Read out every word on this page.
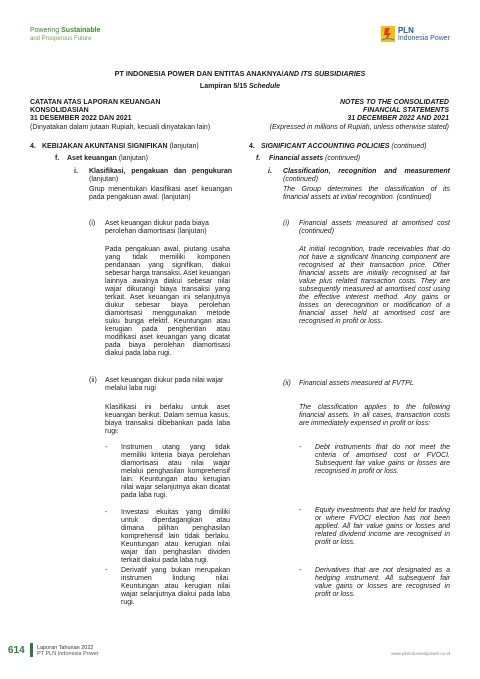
Powering Sustainable
and Prosperous Future
PLN
Indonesia Power
PT INDONESIA POWER DAN ENTITAS ANAKNYA/AND ITS SUBSIDIARIES
Lampiran 5/15 Schedule
CATATAN ATAS LAPORAN KEUANGAN
KONSOLIDASIAN
31 DESEMBER 2022 DAN 2021
(Dinyatakan dalam jutaan Rupiah, kecuali dinyatakan lain)
NOTES TO THE CONSOLIDATED
FINANCIAL STATEMENTS
31 DECEMBER 2022 AND 2021
(Expressed in millions of Rupiah, unless otherwise stated)
4. KEBIJAKAN AKUNTANSI SIGNIFIKAN (lanjutan)	4. SIGNIFICANT ACCOUNTING POLICIES (continued)
f. Aset keuangan (lanjutan)	f. Financial assets (continued)
i. Klasifikasi, pengakuan dan pengukuran (lanjutan)
i. Classification, recognition and measurement (continued)
Grup menentukan klasifikasi aset keuangan pada pengakuan awal. (lanjutan)
The Group determines the classification of its financial assets at initial recognition. (continued)
(i) Aset keuangan diukur pada biaya perolehan diamortisasi (lanjutan)
(i) Financial assets measured at amortised cost (continued)
Pada pengakuan awal, piutang usaha yang tidak memiliki komponen pendanaan yang signifikan, diakui sebesar harga transaksi. Aset keuangan lainnya awalnya diakui sebesar nilai wajar dikurangi biaya transaksi yang terkait. Aset keuangan ini selanjutnya diukur sebesar biaya perolehan diamortisasi menggunakan metode suku bunga efektif. Keuntungan atau kerugian pada penghentian atau modifikasi aset keuangan yang dicatat pada biaya perolehan diamortisasi diakui pada laba rugi.
At initial recognition, trade receivables that do not have a significant financing component are recognised at their transaction price. Other financial assets are initially recognised at fair value plus related transaction costs. They are subsequently measured at amortised cost using the effective interest method. Any gains or losses on derecognition or modification of a financial asset held at amortised cost are recognised in profit or loss.
(ii) Aset keuangan diukur pada nilai wajar melalui laba rugi
(ii) Financial assets measured at FVTPL
Klasifikasi ini berlaku untuk aset keuangan berikut. Dalam semua kasus, biaya transaksi dibebankan pada laba rugi:
The classification applies to the following financial assets. In all cases, transaction costs are immediately expensed in profit or loss:
- Instrumen utang yang tidak memiliki kriteria biaya perolehan diamortisasi atau nilai wajar melalui penghasilan komprehensif lain. Keuntungan atau kerugian nilai wajar selanjutnya akan dicatat pada laba rugi.
- Investasi ekuitas yang dimiliki untuk diperdagangkan atau dimana pilihan penghasilan komprehensif lain tidak berlaku. Keuntungan atau kerugian nilai wajar dan penghasilan dividen terkait diakui pada laba rugi.
- Derivatif yang bukan merupakan instrumen lindung nilai. Keuntungan atau kerugian nilai wajar selanjutnya diakui pada laba rugi.
- Debt instruments that do not meet the criteria of amortised cost or FVOCI. Subsequent fair value gains or losses are recognised in profit or loss.
- Equity investments that are held for trading or where FVOCI election has not been applied. All fair value gains or losses and related dividend income are recognised in profit or loss.
- Derivatives that are not designated as a hedging instrument. All subsequent fair value gains or losses are recognised in profit or loss.
614 Laporan Tahunan 2022
PT PLN Indonesia Power	www.plnindonesiapower.co.id
